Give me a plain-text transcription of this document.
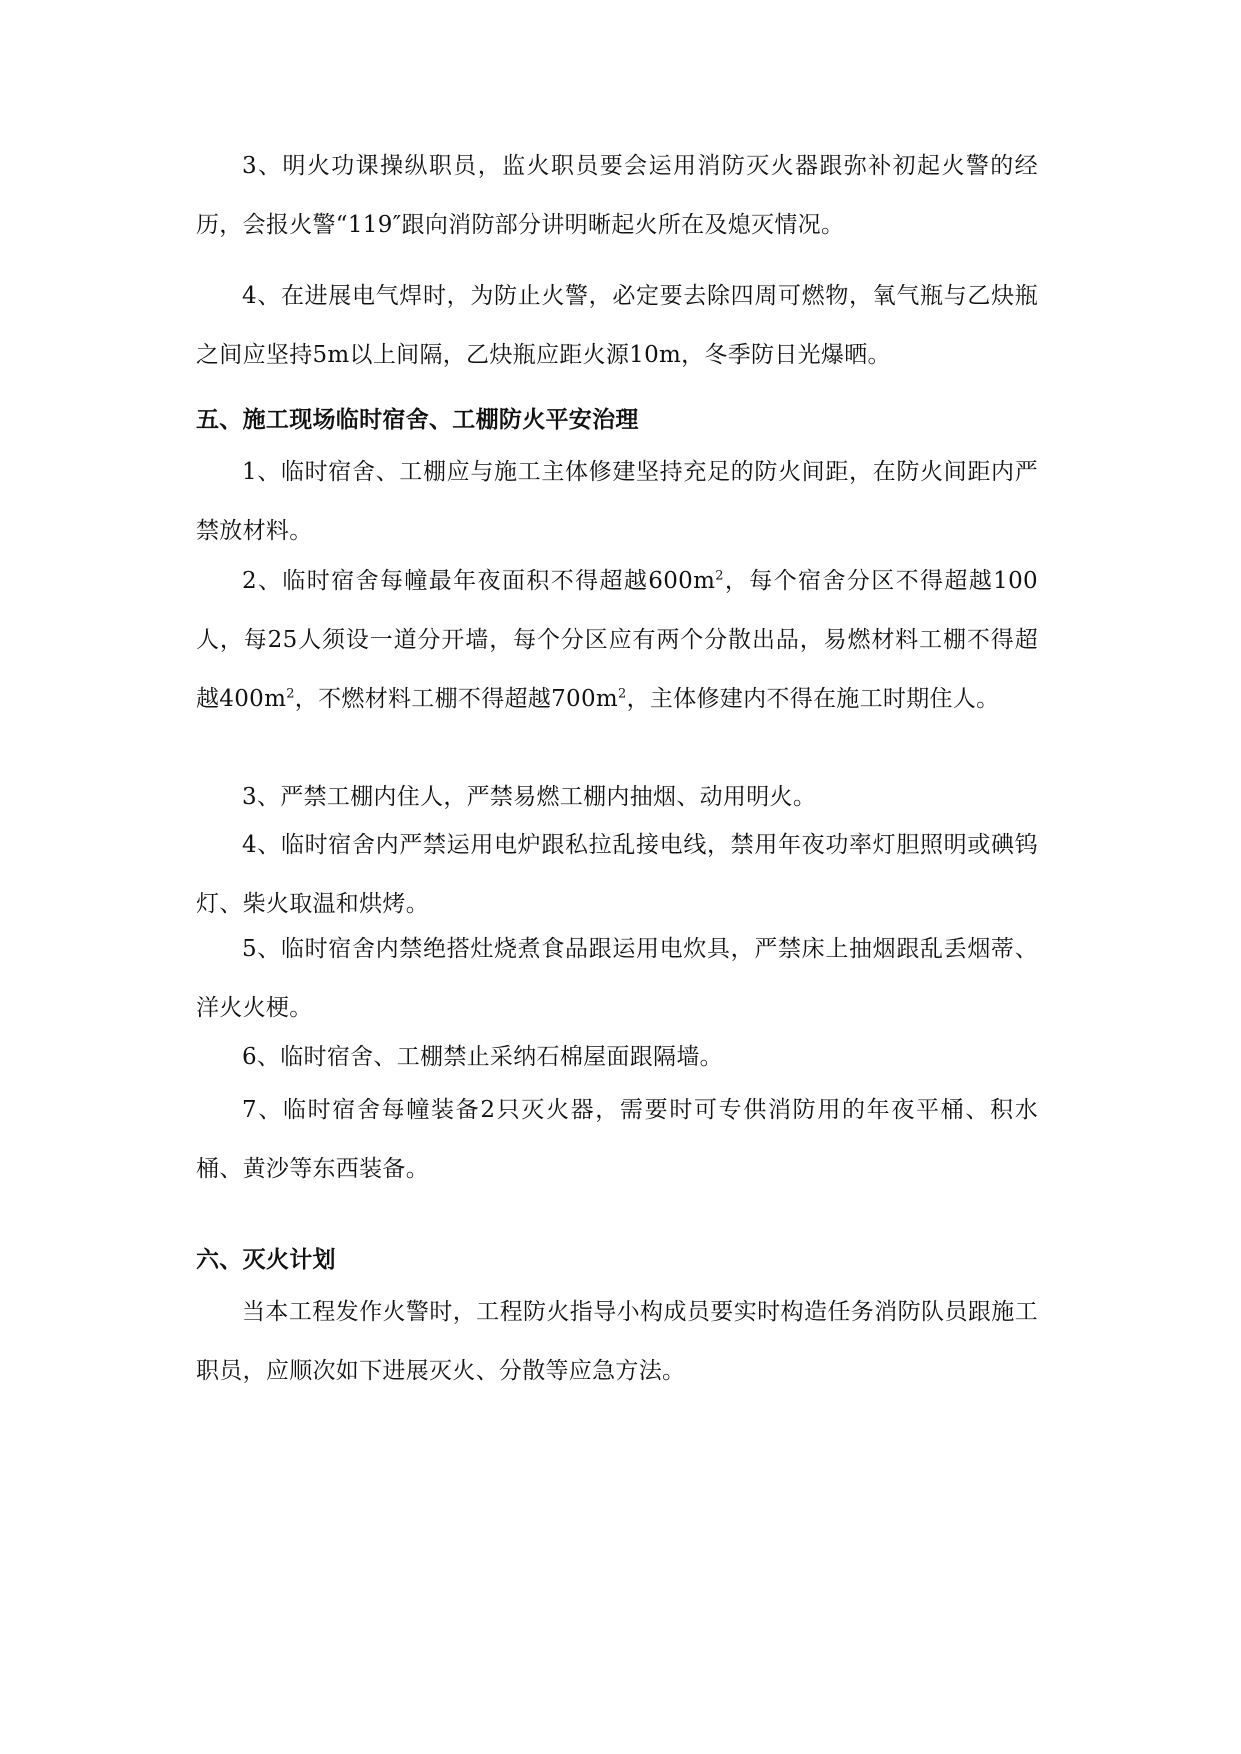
3、明火功课操纵职员，监火职员要会运用消防灭火器跟弥补初起火警的经历，会报火警“119″跟向消防部分讲明晰起火所在及熄灭情况。

4、在进展电气焊时，为防止火警，必定要去除四周可燃物，氧气瓶与乙炔瓶之间应坚持5m以上间隔，乙炔瓶应距火源10m，冬季防日光爆晒。

五、施工现场临时宿舍、工棚防火平安治理

1、临时宿舍、工棚应与施工主体修建坚持充足的防火间距，在防火间距内严禁放材料。

2、临时宿舍每幢最年夜面积不得超越$600m^2$，每个宿舍分区不得超越100人，每25人须设一道分开墙，每个分区应有两个分散出品，易燃材料工棚不得超越$400m^2$，不燃材料工棚不得超越$700m^2$，主体修建内不得在施工时期住人。

3、严禁工棚内住人，严禁易燃工棚内抽烟、动用明火。

4、临时宿舍内严禁运用电炉跟私拉乱接电线，禁用年夜功率灯胆照明或碘钨灯、柴火取温和烘烤。

5、临时宿舍内禁绝搭灶烧煮食品跟运用电炊具，严禁床上抽烟跟乱丢烟蒂、洋火火梗。

6、临时宿舍、工棚禁止采纳石棉屋面跟隔墙。

7、临时宿舍每幢装备2只灭火器，需要时可专供消防用的年夜平桶、积水桶、黄沙等东西装备。

六、灭火计划

当本工程发作火警时，工程防火指导小构成员要实时构造任务消防队员跟施工职员，应顺次如下进展灭火、分散等应急方法。
